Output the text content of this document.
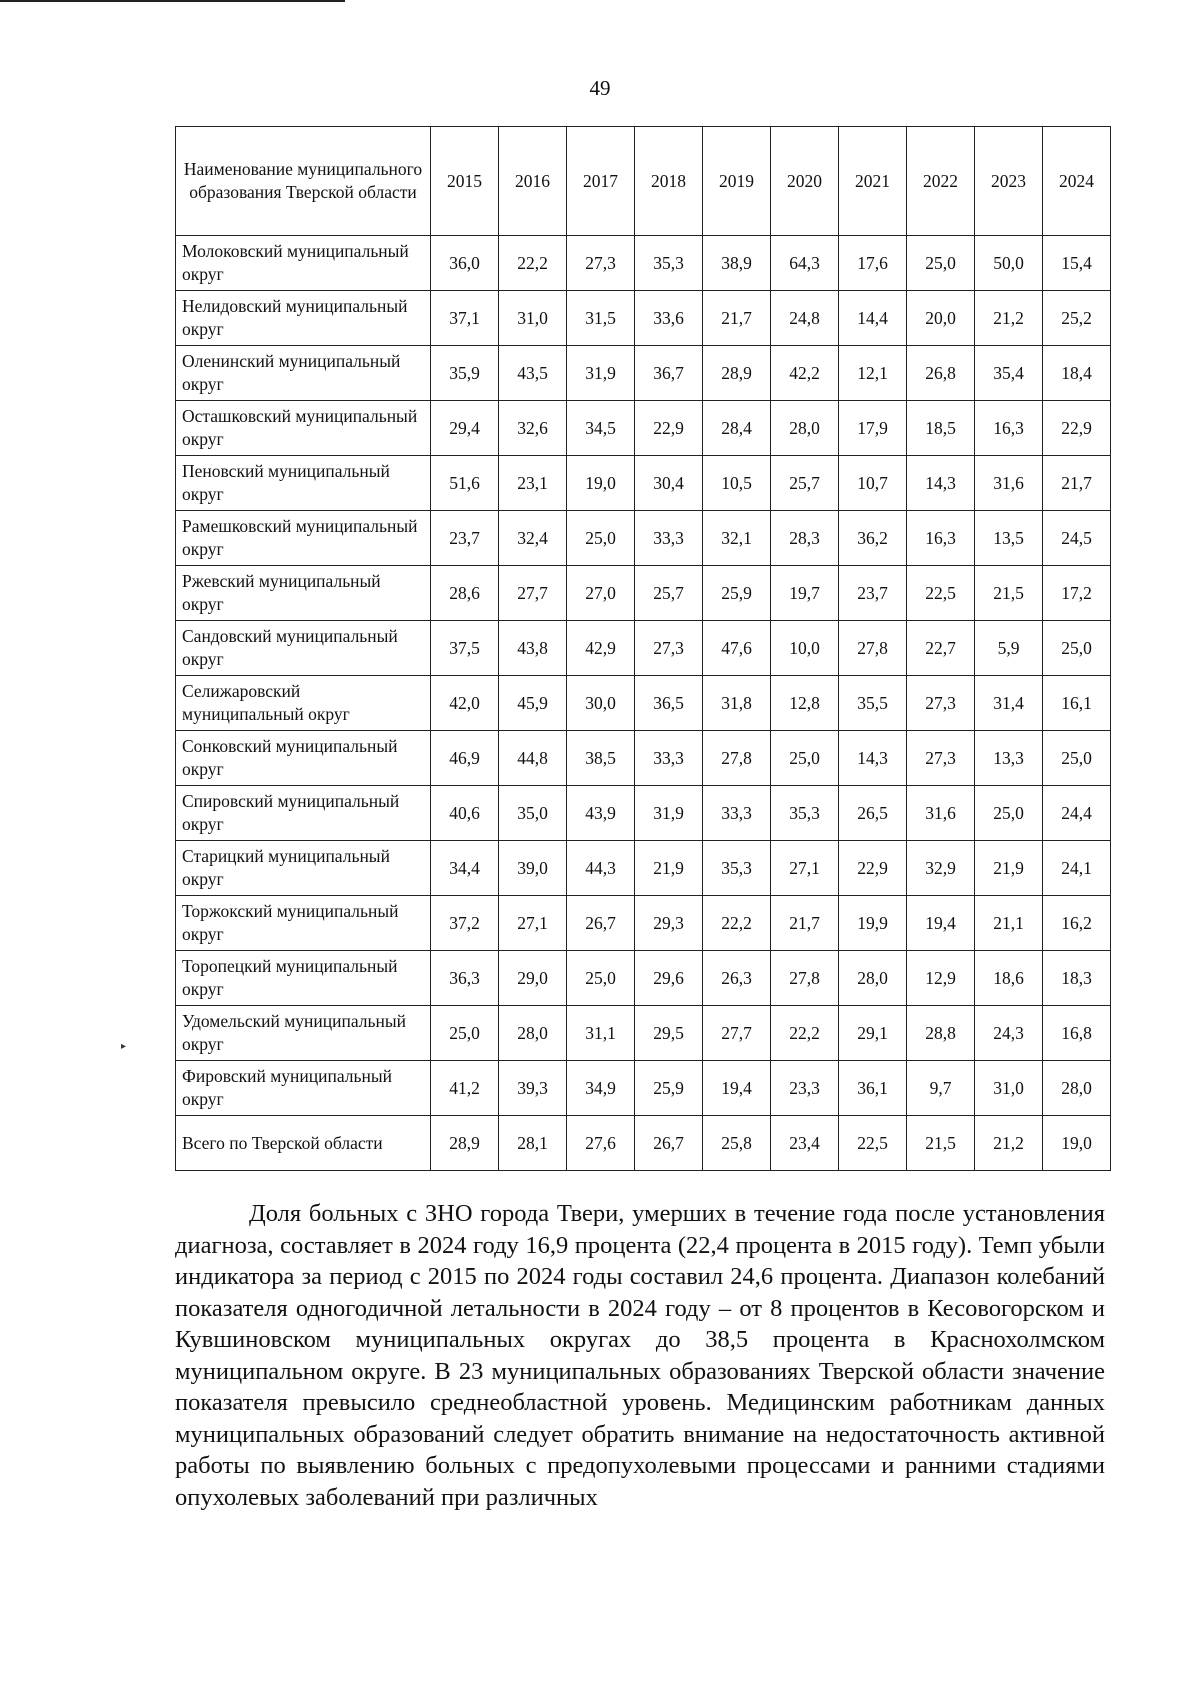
49
▸
Наименование муниципального образования Тверской области	2015	2016	2017	2018	2019	2020	2021	2022	2023	2024
Молоковский муниципальный округ	36,0	22,2	27,3	35,3	38,9	64,3	17,6	25,0	50,0	15,4
Нелидовский муниципальный округ	37,1	31,0	31,5	33,6	21,7	24,8	14,4	20,0	21,2	25,2
Оленинский муниципальный округ	35,9	43,5	31,9	36,7	28,9	42,2	12,1	26,8	35,4	18,4
Осташковский муниципальный округ	29,4	32,6	34,5	22,9	28,4	28,0	17,9	18,5	16,3	22,9
Пеновский муниципальный округ	51,6	23,1	19,0	30,4	10,5	25,7	10,7	14,3	31,6	21,7
Рамешковский муниципальный округ	23,7	32,4	25,0	33,3	32,1	28,3	36,2	16,3	13,5	24,5
Ржевский муниципальный округ	28,6	27,7	27,0	25,7	25,9	19,7	23,7	22,5	21,5	17,2
Сандовский муниципальный округ	37,5	43,8	42,9	27,3	47,6	10,0	27,8	22,7	5,9	25,0
Селижаровский муниципальный округ	42,0	45,9	30,0	36,5	31,8	12,8	35,5	27,3	31,4	16,1
Сонковский муниципальный округ	46,9	44,8	38,5	33,3	27,8	25,0	14,3	27,3	13,3	25,0
Спировский муниципальный округ	40,6	35,0	43,9	31,9	33,3	35,3	26,5	31,6	25,0	24,4
Старицкий муниципальный округ	34,4	39,0	44,3	21,9	35,3	27,1	22,9	32,9	21,9	24,1
Торжокский муниципальный округ	37,2	27,1	26,7	29,3	22,2	21,7	19,9	19,4	21,1	16,2
Торопецкий муниципальный округ	36,3	29,0	25,0	29,6	26,3	27,8	28,0	12,9	18,6	18,3
Удомельский муниципальный округ	25,0	28,0	31,1	29,5	27,7	22,2	29,1	28,8	24,3	16,8
Фировский муниципальный округ	41,2	39,3	34,9	25,9	19,4	23,3	36,1	9,7	31,0	28,0
Всего по Тверской области	28,9	28,1	27,6	26,7	25,8	23,4	22,5	21,5	21,2	19,0

Доля больных с ЗНО города Твери, умерших в течение года после установления диагноза, составляет в 2024 году 16,9 процента (22,4 процента в 2015 году). Темп убыли индикатора за период с 2015 по 2024 годы составил 24,6 процента. Диапазон колебаний показателя одногодичной летальности в 2024 году – от 8 процентов в Кесовогорском и Кувшиновском муниципальных округах до 38,5 процента в Краснохолмском муниципальном округе. В 23 муниципальных образованиях Тверской области значение показателя превысило среднеобластной уровень. Медицинским работникам данных муниципальных образований следует обратить внимание на недостаточность активной работы по выявлению больных с предопухолевыми процессами и ранними стадиями опухолевых заболеваний при различных
